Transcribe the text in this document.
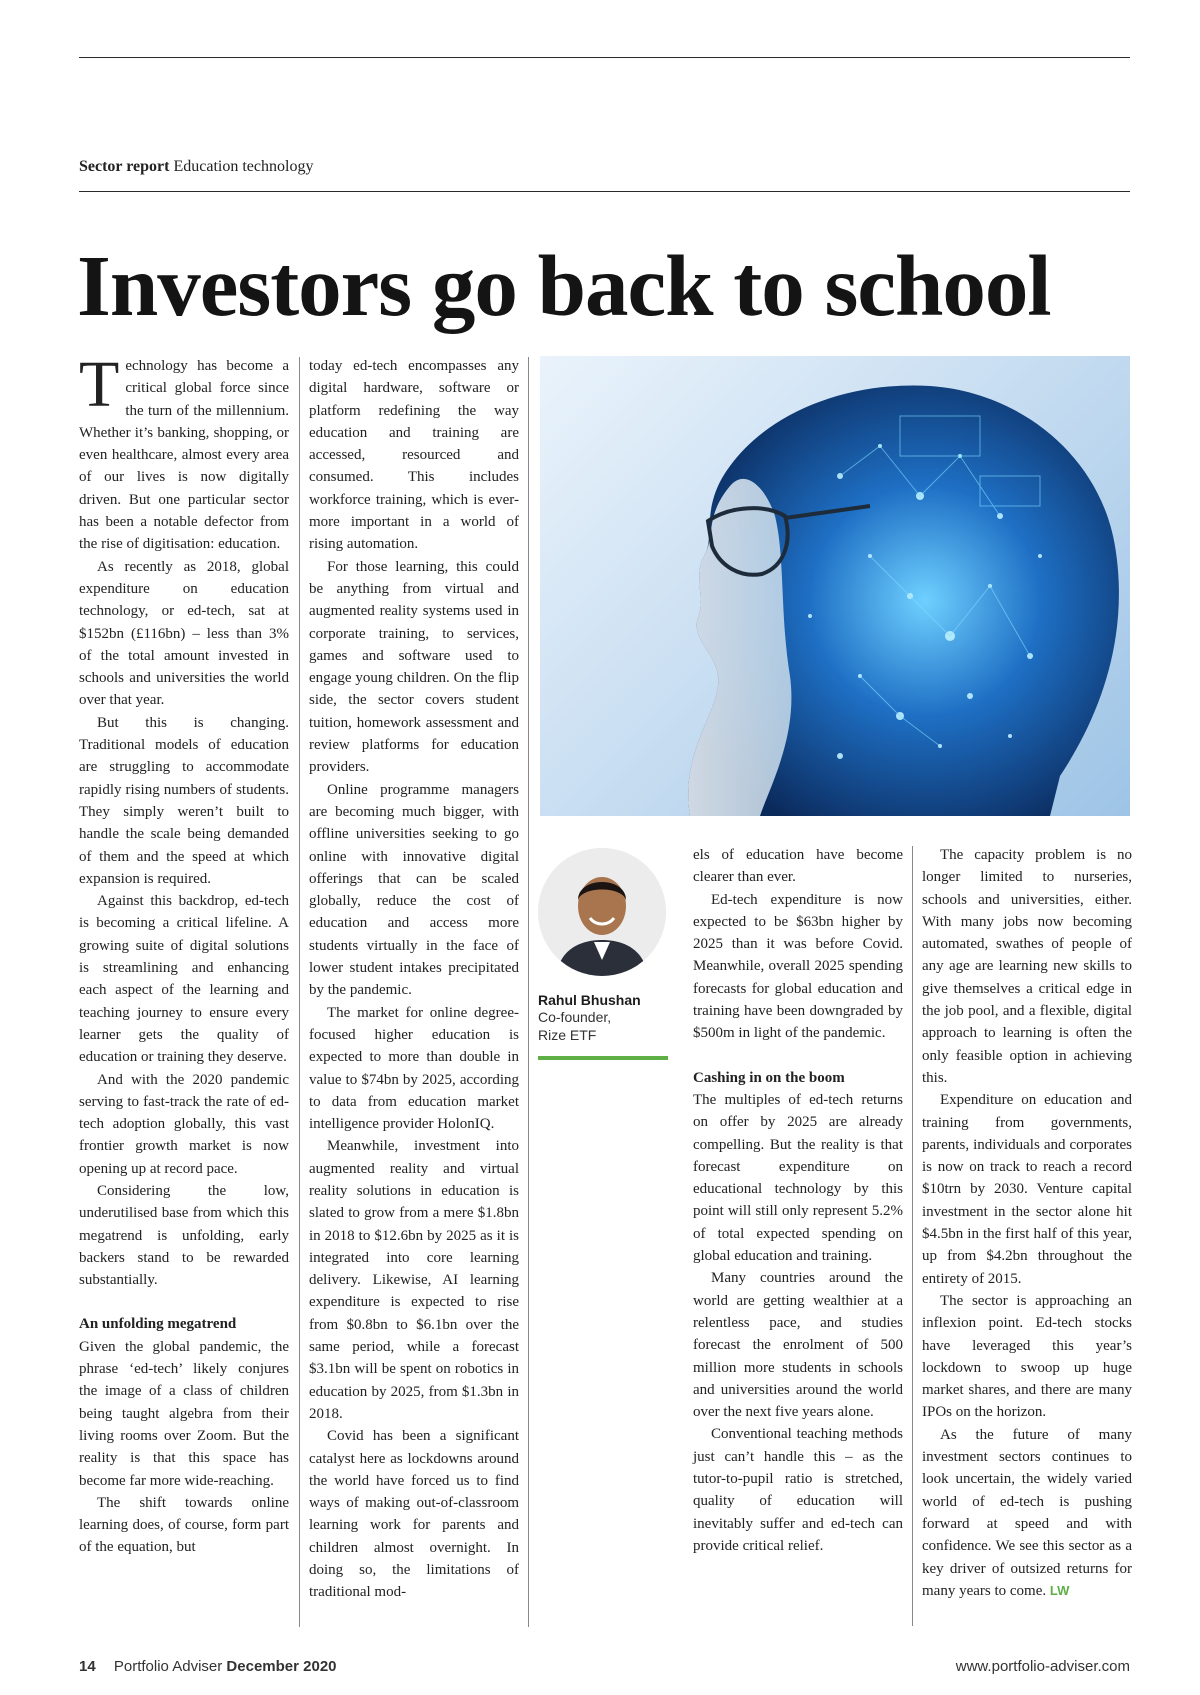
Sector report Education technology
Investors go back to school

Technology has become a critical global force since the turn of the millennium. Whether it’s banking, shopping, or even healthcare, almost every area of our lives is now digitally driven. But one particular sector has been a notable defector from the rise of digitisation: education.

As recently as 2018, global expenditure on education technology, or ed-tech, sat at $152bn (£116bn) – less than 3% of the total amount invested in schools and universities the world over that year.

But this is changing. Traditional models of education are struggling to accommodate rapidly rising numbers of students. They simply weren’t built to handle the scale being demanded of them and the speed at which expansion is required.

Against this backdrop, ed-tech is becoming a critical lifeline. A growing suite of digital solutions is streamlining and enhancing each aspect of the learning and teaching journey to ensure every learner gets the quality of education or training they deserve.

And with the 2020 pandemic serving to fast-track the rate of ed-tech adoption globally, this vast frontier growth market is now opening up at record pace.

Considering the low, underutilised base from which this megatrend is unfolding, early backers stand to be rewarded substantially.

An unfolding megatrend

Given the global pandemic, the phrase ‘ed-tech’ likely conjures the image of a class of children being taught algebra from their living rooms over Zoom. But the reality is that this space has become far more wide-reaching.

The shift towards online learning does, of course, form part of the equation, but

today ed-tech encompasses any digital hardware, software or platform redefining the way education and training are accessed, resourced and consumed. This includes workforce training, which is ever-more important in a world of rising automation.

For those learning, this could be anything from virtual and augmented reality systems used in corporate training, to services, games and software used to engage young children. On the flip side, the sector covers student tuition, homework assessment and review platforms for education providers.

Online programme managers are becoming much bigger, with offline universities seeking to go online with innovative digital offerings that can be scaled globally, reduce the cost of education and access more students virtually in the face of lower student intakes precipitated by the pandemic.

The market for online degree-focused higher education is expected to more than double in value to $74bn by 2025, according to data from education market intelligence provider HolonIQ.

Meanwhile, investment into augmented reality and virtual reality solutions in education is slated to grow from a mere $1.8bn in 2018 to $12.6bn by 2025 as it is integrated into core learning delivery. Likewise, AI learning expenditure is expected to rise from $0.8bn to $6.1bn over the same period, while a forecast $3.1bn will be spent on robotics in education by 2025, from $1.3bn in 2018.

Covid has been a significant catalyst here as lockdowns around the world have forced us to find ways of making out-of-classroom learning work for parents and children almost overnight. In doing so, the limitations of traditional mod-

Rahul Bhushan
Co-founder,
Rize ETF

els of education have become clearer than ever.

Ed-tech expenditure is now expected to be $63bn higher by 2025 than it was before Covid. Meanwhile, overall 2025 spending forecasts for global education and training have been downgraded by $500m in light of the pandemic.

Cashing in on the boom

The multiples of ed-tech returns on offer by 2025 are already compelling. But the reality is that forecast expenditure on educational technology by this point will still only represent 5.2% of total expected spending on global education and training.

Many countries around the world are getting wealthier at a relentless pace, and studies forecast the enrolment of 500 million more students in schools and universities around the world over the next five years alone.

Conventional teaching methods just can’t handle this – as the tutor-to-pupil ratio is stretched, quality of education will inevitably suffer and ed-tech can provide critical relief.

The capacity problem is no longer limited to nurseries, schools and universities, either. With many jobs now becoming automated, swathes of people of any age are learning new skills to give themselves a critical edge in the job pool, and a flexible, digital approach to learning is often the only feasible option in achieving this.

Expenditure on education and training from governments, parents, individuals and corporates is now on track to reach a record $10trn by 2030. Venture capital investment in the sector alone hit $4.5bn in the first half of this year, up from $4.2bn throughout the entirety of 2015.

The sector is approaching an inflexion point. Ed-tech stocks have leveraged this year’s lockdown to swoop up huge market shares, and there are many IPOs on the horizon.

As the future of many investment sectors continues to look uncertain, the widely varied world of ed-tech is pushing forward at speed and with confidence. We see this sector as a key driver of outsized returns for many years to come. LW

14 Portfolio Adviser December 2020	www.portfolio-adviser.com
